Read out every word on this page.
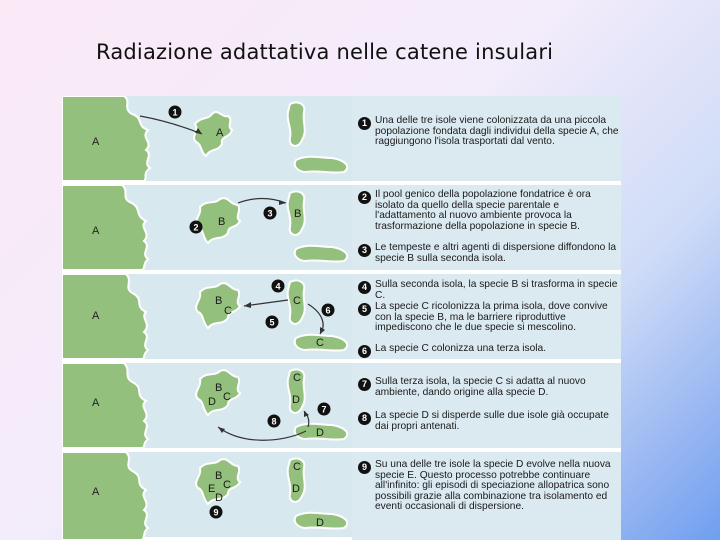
Radiazione adattativa nelle catene insulari
1
A
A
1 Una delle tre isole viene colonizzata da una piccola popolazione fondata dagli individui della specie A, che raggiungono l'isola trasportati dal vento.
2
3
B
B
A
2 Il pool genico della popolazione fondatrice è ora isolato da quello della specie parentale e l'adattamento al nuovo ambiente provoca la trasformazione della popolazione in specie B.
3 Le tempeste e altri agenti di dispersione diffondono la specie B sulla seconda isola.
4
5
6
B
C
C
C
A
4 Sulla seconda isola, la specie B si trasforma in specie C.
5 La specie C ricolonizza la prima isola, dove convive con la specie B, ma le barriere riproduttive impediscono che le due specie si mescolino.
6 La specie C colonizza una terza isola.
7
8
B
C
D
C
D
D
A
7 Sulla terza isola, la specie C si adatta al nuovo ambiente, dando origine alla specie D.
8 La specie D si disperde sulle due isole già occupate dai propri antenati.
9
B
C
E
D
C
D
D
A
9 Su una delle tre isole la specie D evolve nella nuova specie E. Questo processo potrebbe continuare all'infinito: gli episodi di speciazione allopatrica sono possibili grazie alla combinazione tra isolamento ed eventi occasionali di dispersione.
